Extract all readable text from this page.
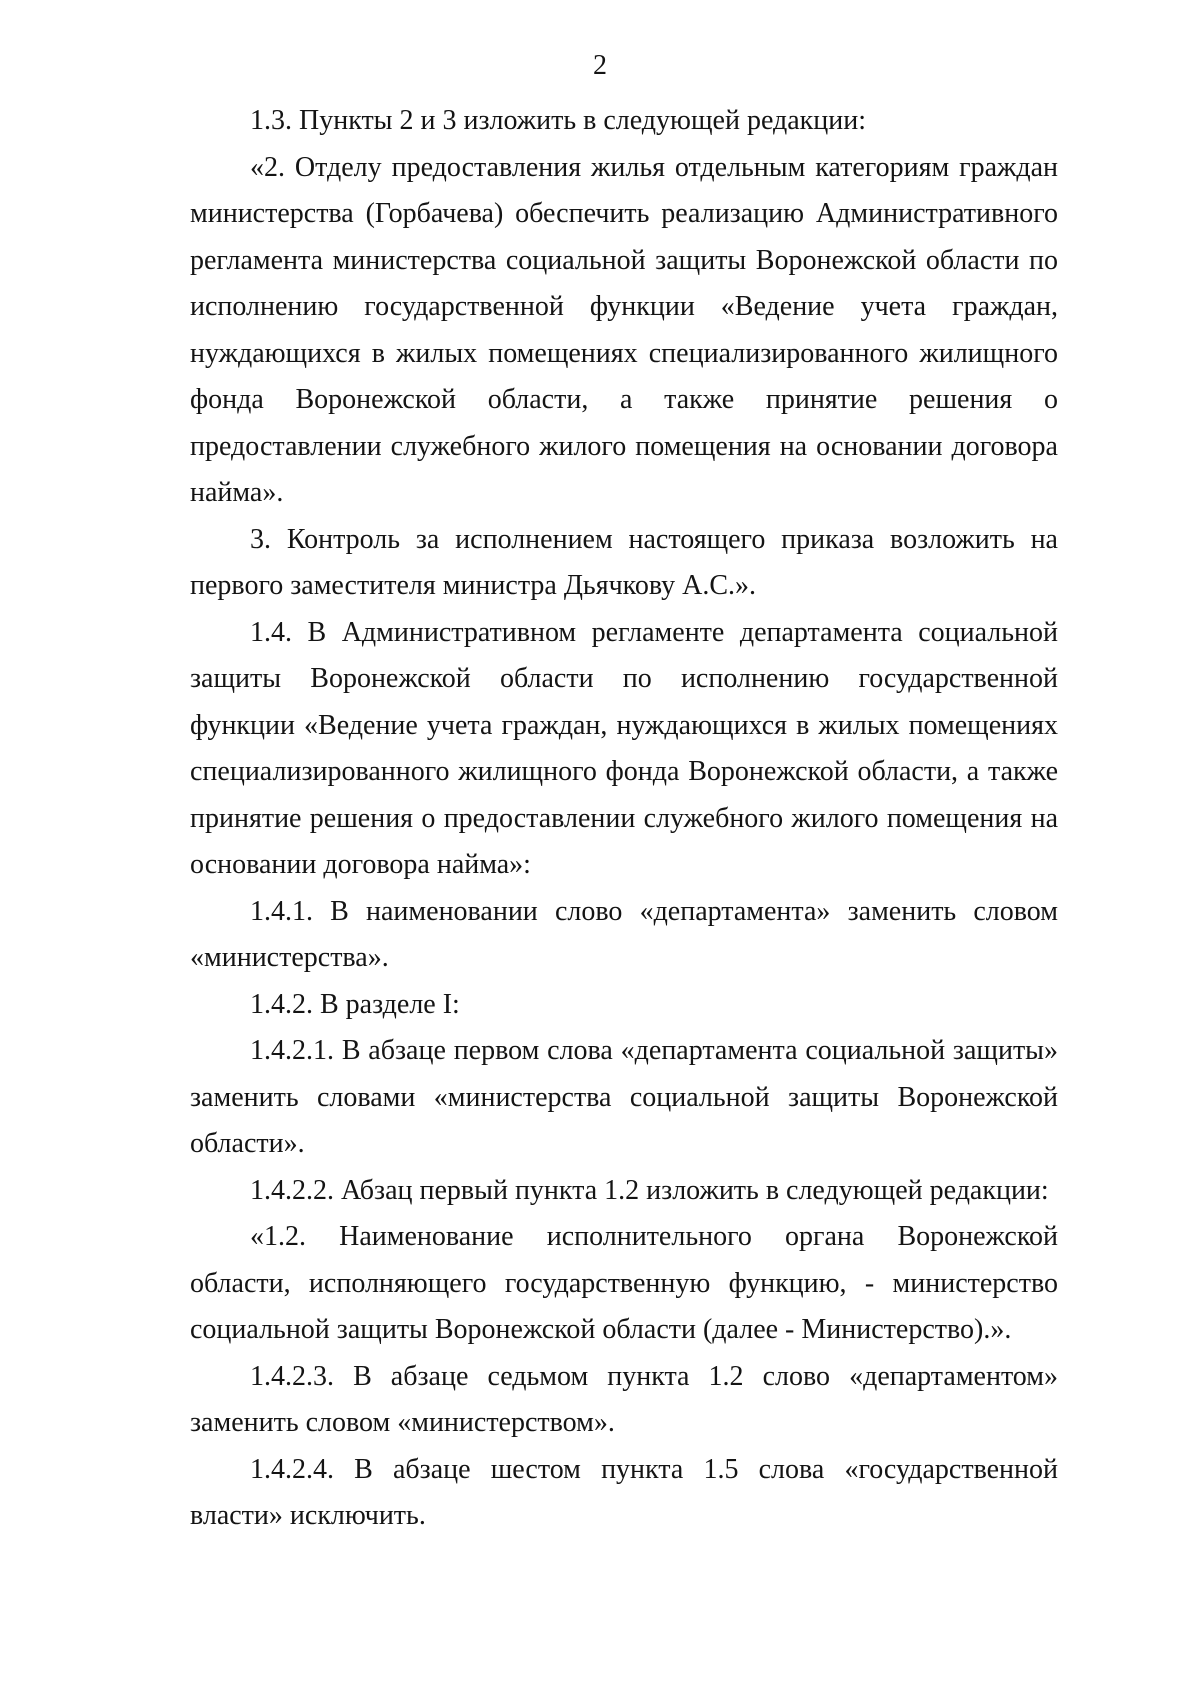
2

1.3. Пункты 2 и 3 изложить в следующей редакции:

«2. Отделу предоставления жилья отдельным категориям граждан министерства (Горбачева) обеспечить реализацию Административного регламента министерства социальной защиты Воронежской области по исполнению государственной функции «Ведение учета граждан, нуждающихся в жилых помещениях специализированного жилищного фонда Воронежской области, а также принятие решения о предоставлении служебного жилого помещения на основании договора найма».

3. Контроль за исполнением настоящего приказа возложить на первого заместителя министра Дьячкову А.С.».

1.4. В Административном регламенте департамента социальной защиты Воронежской области по исполнению государственной функции «Ведение учета граждан, нуждающихся в жилых помещениях специализированного жилищного фонда Воронежской области, а также принятие решения о предоставлении служебного жилого помещения на основании договора найма»:

1.4.1. В наименовании слово «департамента» заменить словом «министерства».

1.4.2. В разделе I:

1.4.2.1. В абзаце первом слова «департамента социальной защиты» заменить словами «министерства социальной защиты Воронежской области».

1.4.2.2. Абзац первый пункта 1.2 изложить в следующей редакции:

«1.2. Наименование исполнительного органа Воронежской области, исполняющего государственную функцию, - министерство социальной защиты Воронежской области (далее - Министерство).».

1.4.2.3. В абзаце седьмом пункта 1.2 слово «департаментом» заменить словом «министерством».

1.4.2.4. В абзаце шестом пункта 1.5 слова «государственной власти» исключить.
